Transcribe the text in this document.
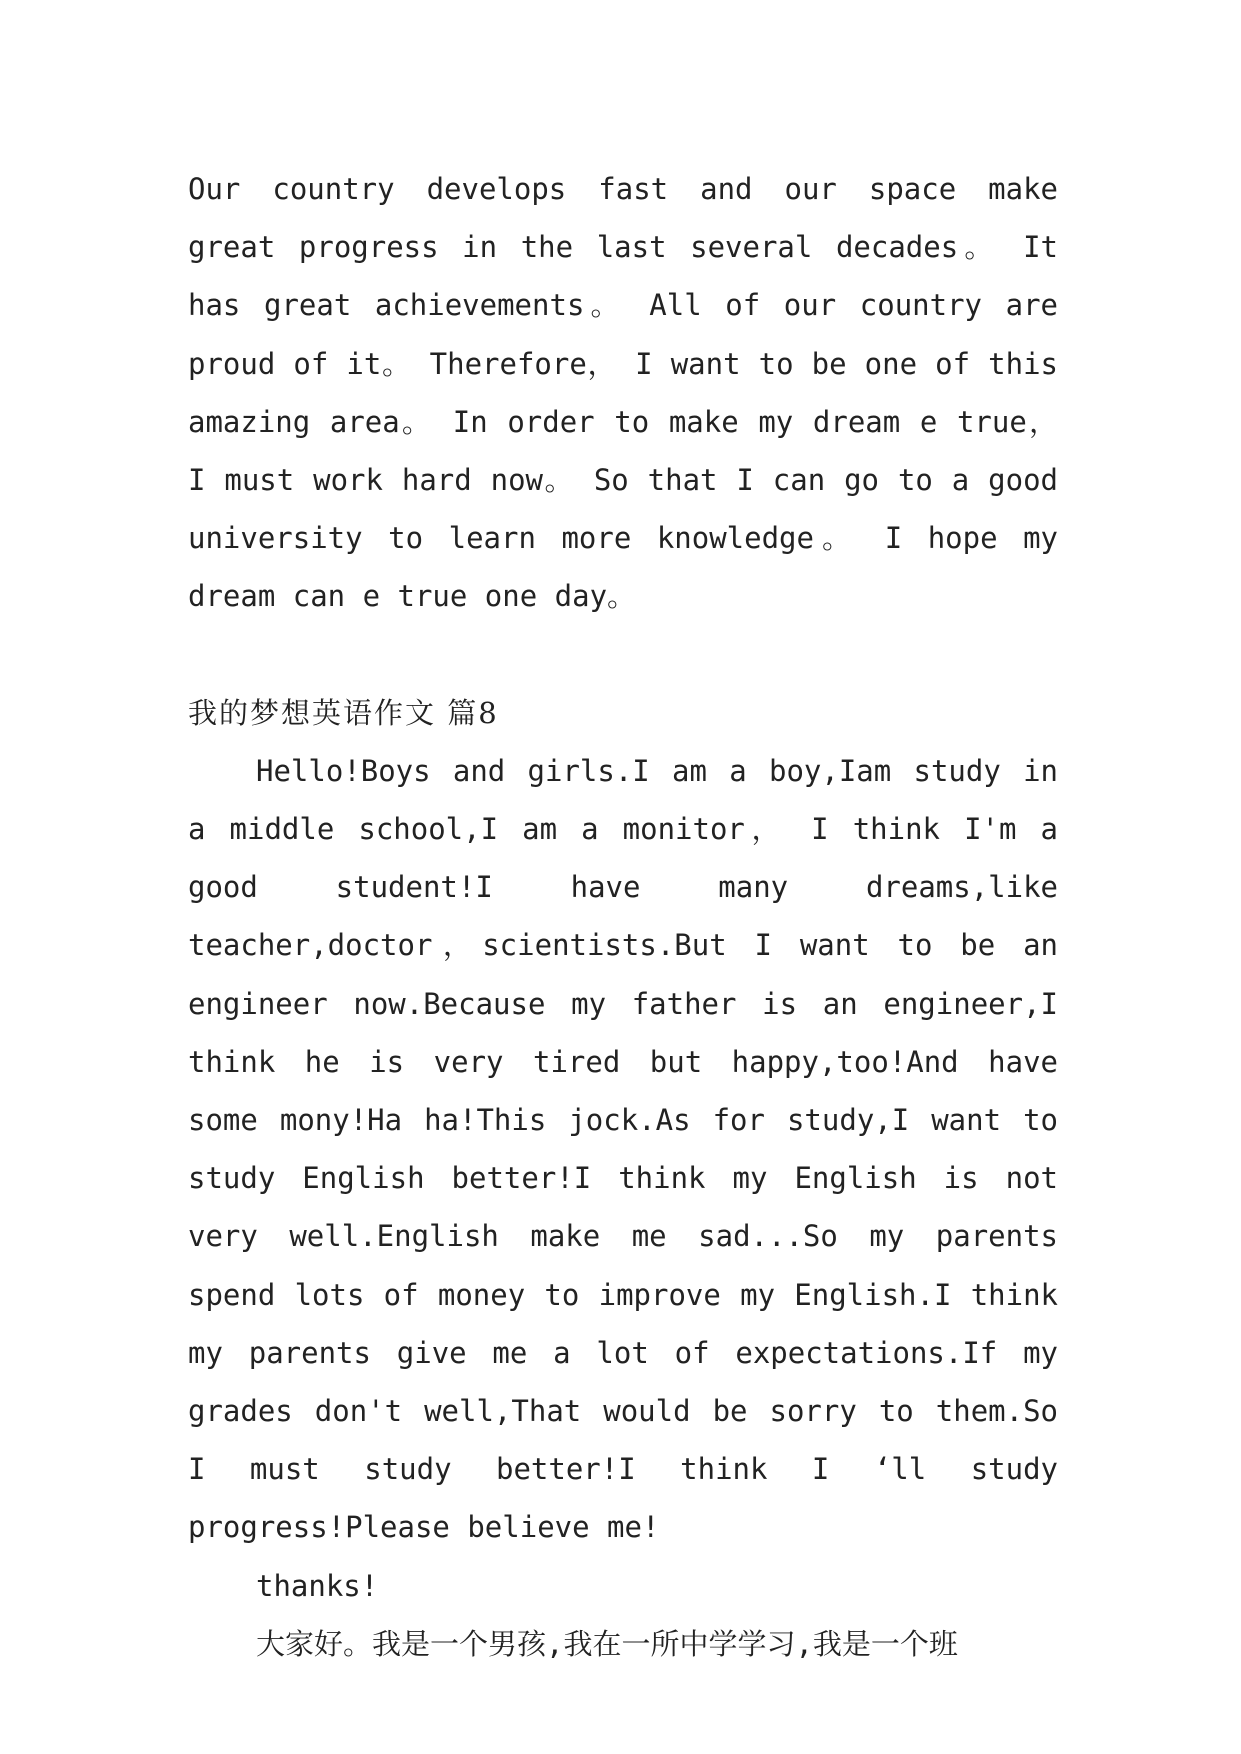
Our country develops fast and our space make great progress in the last several decades。 It has great achievements。 All of our country are proud of it。 Therefore， I want to be one of this amazing area。 In order to make my dream e true， I must work hard now。 So that I can go to a good university to learn more knowledge。 I hope my dream can e true one day。

我的梦想英语作文 篇8

Hello!Boys and girls.I am a boy,Iam study in a middle school,I am a monitor， I think I'm a good student!I have many dreams,like teacher,doctor，scientists.But I want to be an engineer now.Because my father is an engineer,I think he is very tired but happy,too!And have some mony!Ha ha!This jock.As for study,I want to study English better!I think my English is not very well.English make me sad...So my parents spend lots of money to improve my English.I think my parents give me a lot of expectations.If my grades don't well,That would be sorry to them.So I must study better!I think I ‘ll study progress!Please believe me!

thanks!

大家好。我是一个男孩,我在一所中学学习,我是一个班
